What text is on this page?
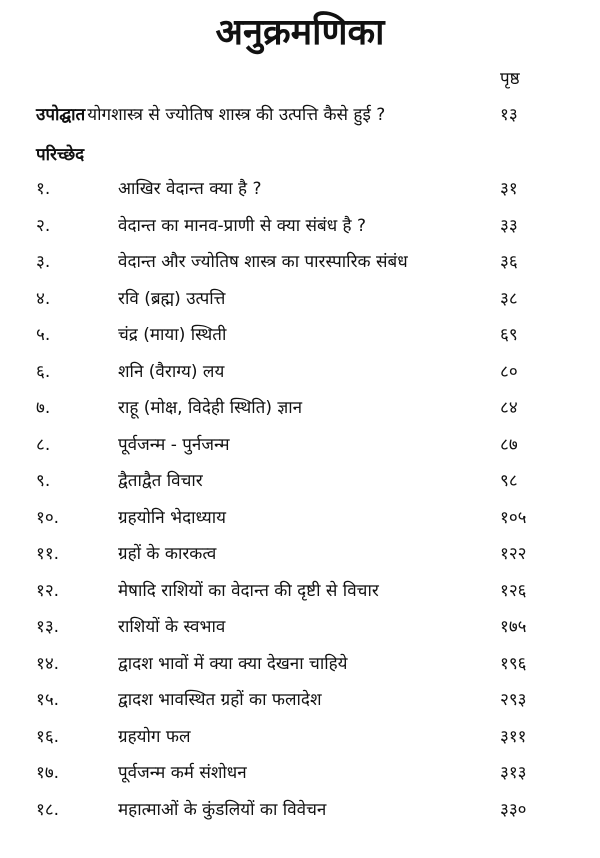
अनुक्रमणिका
पृष्ठ
उपोद्घात योगशास्त्र से ज्योतिष शास्त्र की उत्पत्ति कैसे हुई ?	१३
परिच्छेद
१.	आखिर वेदान्त क्या है ?	३१
२.	वेदान्त का मानव-प्राणी से क्या संबंध है ?	३३
३.	वेदान्त और ज्योतिष शास्त्र का पारस्पारिक संबंध	३६
४.	रवि (ब्रह्म) उत्पत्ति	३८
५.	चंद्र (माया) स्थिती	६९
६.	शनि (वैराग्य) लय	८०
७.	राहू (मोक्ष, विदेही स्थिति) ज्ञान	८४
८.	पूर्वजन्म - पुर्नजन्म	८७
९.	द्वैताद्वैत विचार	९८
१०.	ग्रहयोनि भेदाध्याय	१०५
११.	ग्रहों के कारकत्व	१२२
१२.	मेषादि राशियों का वेदान्त की दृष्टी से विचार	१२६
१३.	राशियों के स्वभाव	१७५
१४.	द्वादश भावों में क्या क्या देखना चाहिये	१९६
१५.	द्वादश भावस्थित ग्रहों का फलादेश	२९३
१६.	ग्रहयोग फल	३११
१७.	पूर्वजन्म कर्म संशोधन	३१३
१८.	महात्माओं के कुंडलियों का विवेचन	३३०
